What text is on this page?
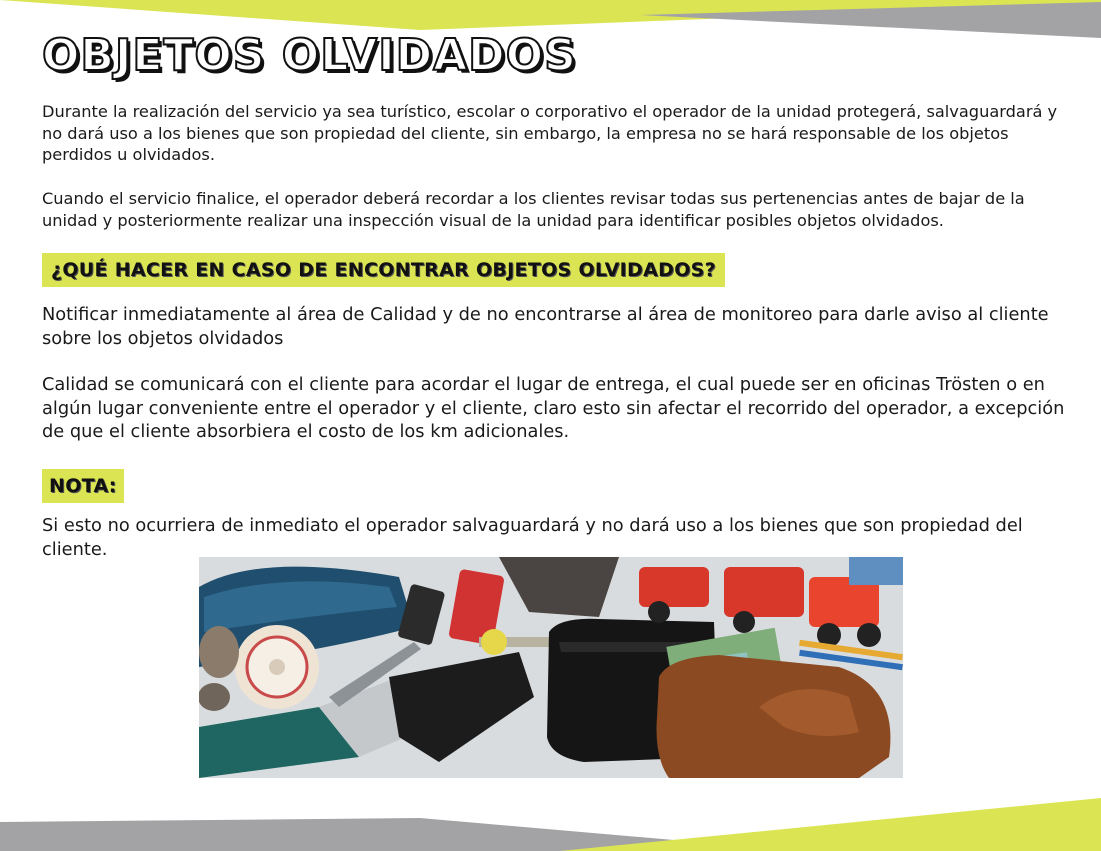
OBJETOS OLVIDADOS

Durante la realización del servicio ya sea turístico, escolar o corporativo el operador de la unidad protegerá, salvaguardará y no dará uso a los bienes que son propiedad del cliente, sin embargo, la empresa no se hará responsable de los objetos perdidos u olvidados.

Cuando el servicio finalice, el operador deberá recordar a los clientes revisar todas sus pertenencias antes de bajar de la unidad y posteriormente realizar una inspección visual de la unidad para identificar posibles objetos olvidados.

¿QUÉ HACER EN CASO DE ENCONTRAR OBJETOS OLVIDADOS?

Notificar inmediatamente al área de Calidad y de no encontrarse al área de monitoreo para darle aviso al cliente sobre los objetos olvidados

Calidad se comunicará con el cliente para acordar el lugar de entrega, el cual puede ser en oficinas Trösten o en algún lugar conveniente entre el operador y el cliente, claro esto sin afectar el recorrido del operador, a excepción de que el cliente absorbiera el costo de los km adicionales.

NOTA:

Si esto no ocurriera de inmediato el operador salvaguardará y no dará uso a los bienes que son propiedad del cliente.
